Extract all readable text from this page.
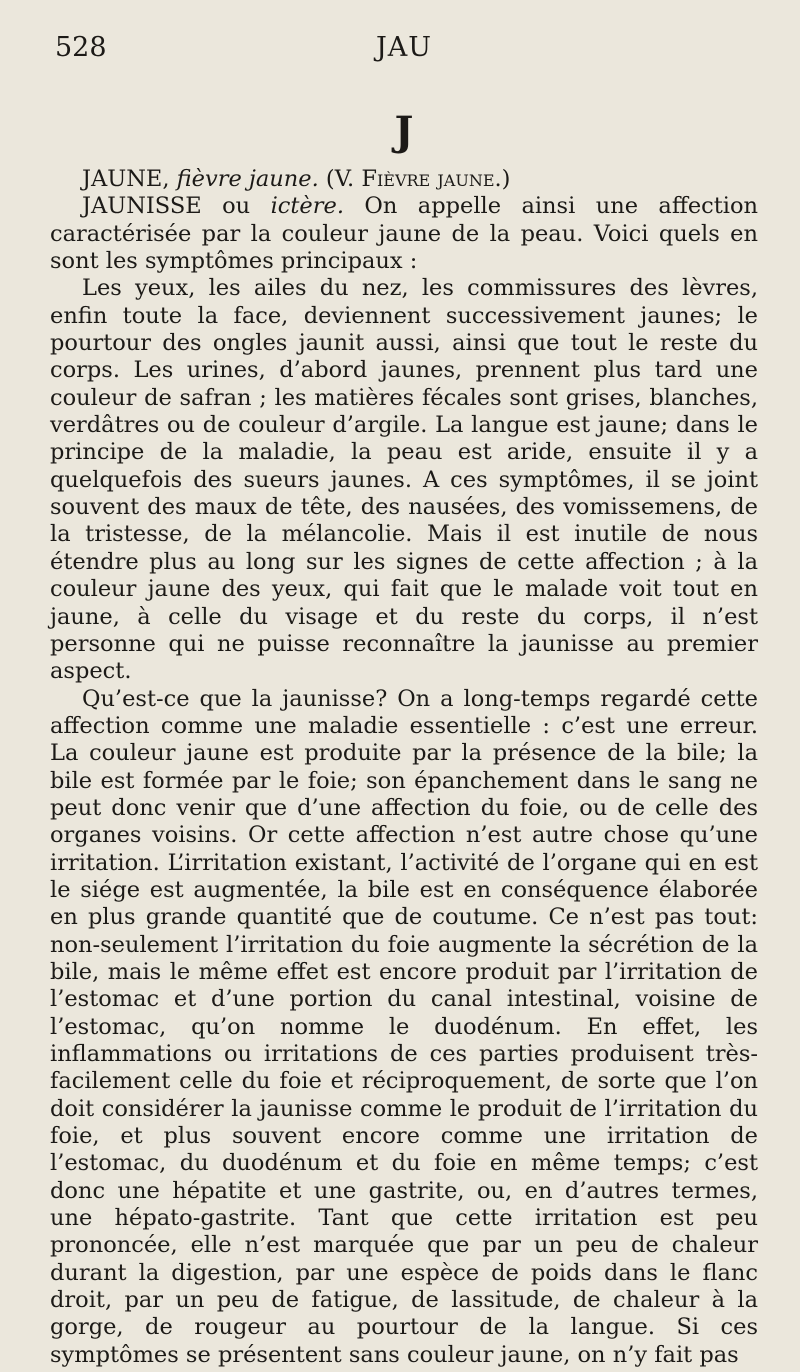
528	JAU
J

JAUNE, fièvre jaune. (V. Fièvre jaune.)

JAUNISSE ou ictère. On appelle ainsi une affection caractérisée par la couleur jaune de la peau. Voici quels en sont les symptômes principaux :

Les yeux, les ailes du nez, les commissures des lèvres, enfin toute la face, deviennent successivement jaunes; le pourtour des ongles jaunit aussi, ainsi que tout le reste du corps. Les urines, d’abord jaunes, prennent plus tard une couleur de safran ; les matières fécales sont grises, blanches, verdâtres ou de couleur d’argile. La langue est jaune; dans le principe de la maladie, la peau est aride, ensuite il y a quelquefois des sueurs jaunes. A ces symptômes, il se joint souvent des maux de tête, des nausées, des vomissemens, de la tristesse, de la mélancolie. Mais il est inutile de nous étendre plus au long sur les signes de cette affection ; à la couleur jaune des yeux, qui fait que le malade voit tout en jaune, à celle du visage et du reste du corps, il n’est personne qui ne puisse reconnaître la jaunisse au premier aspect.

Qu’est-ce que la jaunisse? On a long-temps regardé cette affection comme une maladie essentielle : c’est une erreur. La couleur jaune est produite par la présence de la bile; la bile est formée par le foie; son épanchement dans le sang ne peut donc venir que d’une affection du foie, ou de celle des organes voisins. Or cette affection n’est autre chose qu’une irritation. L’irritation existant, l’activité de l’organe qui en est le siége est augmentée, la bile est en conséquence élaborée en plus grande quantité que de coutume. Ce n’est pas tout: non-seulement l’irritation du foie augmente la sécrétion de la bile, mais le même effet est encore produit par l’irritation de l’estomac et d’une portion du canal intestinal, voisine de l’estomac, qu’on nomme le duodénum. En effet, les inflammations ou irritations de ces parties produisent très-facilement celle du foie et réciproquement, de sorte que l’on doit considérer la jaunisse comme le produit de l’irritation du foie, et plus souvent encore comme une irritation de l’estomac, du duodénum et du foie en même temps; c’est donc une hépatite et une gastrite, ou, en d’autres termes, une hépato-gastrite. Tant que cette irritation est peu prononcée, elle n’est marquée que par un peu de chaleur durant la digestion, par une espèce de poids dans le flanc droit, par un peu de fatigue, de lassitude, de chaleur à la gorge, de rougeur au pourtour de la langue. Si ces symptômes se présentent sans couleur jaune, on n’y fait pas
